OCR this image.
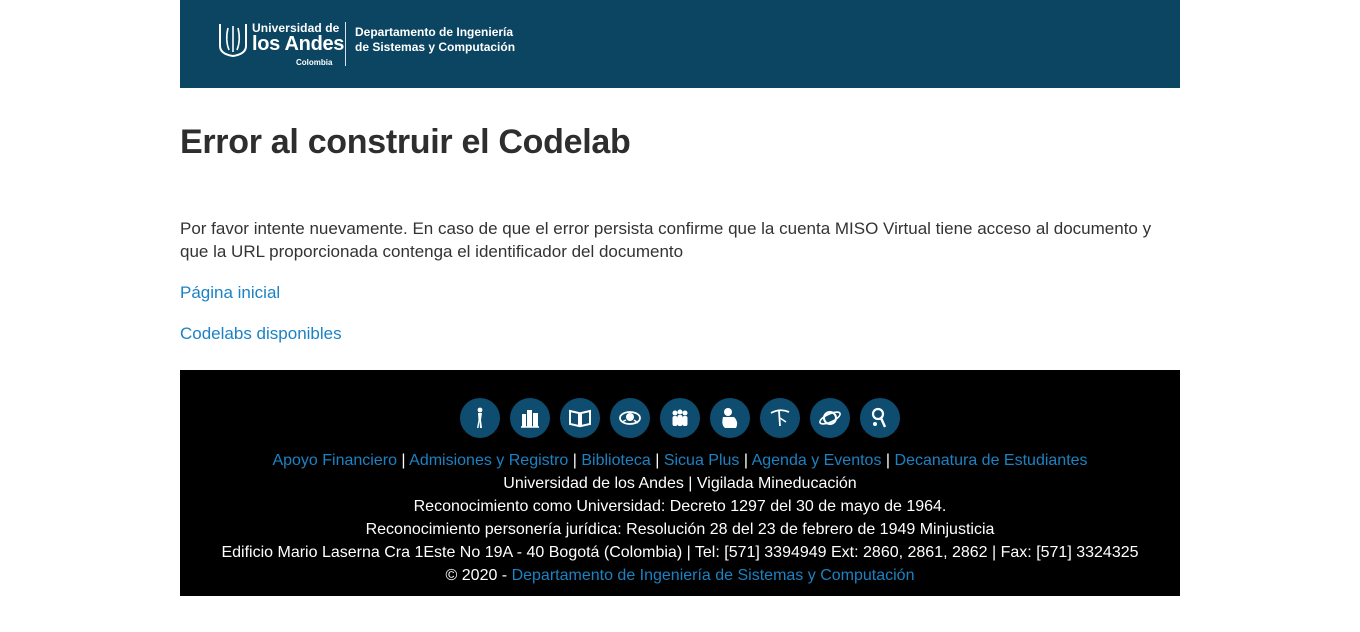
Universidad de
los Andes
Colombia
Departamento de Ingeniería
de Sistemas y Computación
Error al construir el Codelab

Por favor intente nuevamente. En caso de que el error persista confirme que la cuenta MISO Virtual tiene acceso al documento y que la URL proporcionada contenga el identificador del documento

Página inicial
Codelabs disponibles
Apoyo Financiero | Admisiones y Registro | Biblioteca | Sicua Plus | Agenda y Eventos | Decanatura de Estudiantes
Universidad de los Andes | Vigilada Mineducación
Reconocimiento como Universidad: Decreto 1297 del 30 de mayo de 1964.
Reconocimiento personería jurídica: Resolución 28 del 23 de febrero de 1949 Minjusticia
Edificio Mario Laserna Cra 1Este No 19A - 40 Bogotá (Colombia) | Tel: [571] 3394949 Ext: 2860, 2861, 2862 | Fax: [571] 3324325
© 2020 - Departamento de Ingeniería de Sistemas y Computación
